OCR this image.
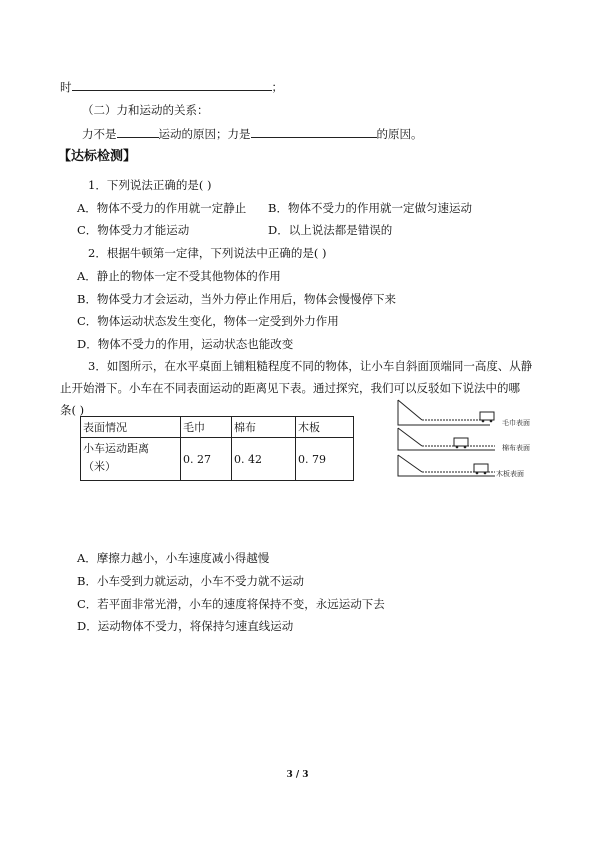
时	；
（二）力和运动的关系：
力不是	运动的原因；力是	的原因。
【达标检测】
1．下列说法正确的是( )
A．物体不受力的作用就一定静止 B．物体不受力的作用就一定做匀速运动
C．物体受力才能运动	D．以上说法都是错误的
2．根据牛顿第一定律，下列说法中正确的是( )
A．静止的物体一定不受其他物体的作用
B．物体受力才会运动，当外力停止作用后，物体会慢慢停下来
C．物体运动状态发生变化，物体一定受到外力作用
D．物体不受力的作用，运动状态也能改变
3．如图所示，在水平桌面上铺粗糙程度不同的物体，让小车自斜面顶端同一高度、从静
止开始滑下。小车在不同表面运动的距离见下表。通过探究，我们可以反驳如下说法中的哪
条( )
表面情况	毛巾	棉布	木板
小车运动距离
（米）	0. 27	0. 42	0. 79
毛巾表面
棉布表面
木板表面
A．摩擦力越小，小车速度减小得越慢
B．小车受到力就运动，小车不受力就不运动
C．若平面非常光滑，小车的速度将保持不变，永远运动下去
D．运动物体不受力，将保持匀速直线运动
3 / 3
